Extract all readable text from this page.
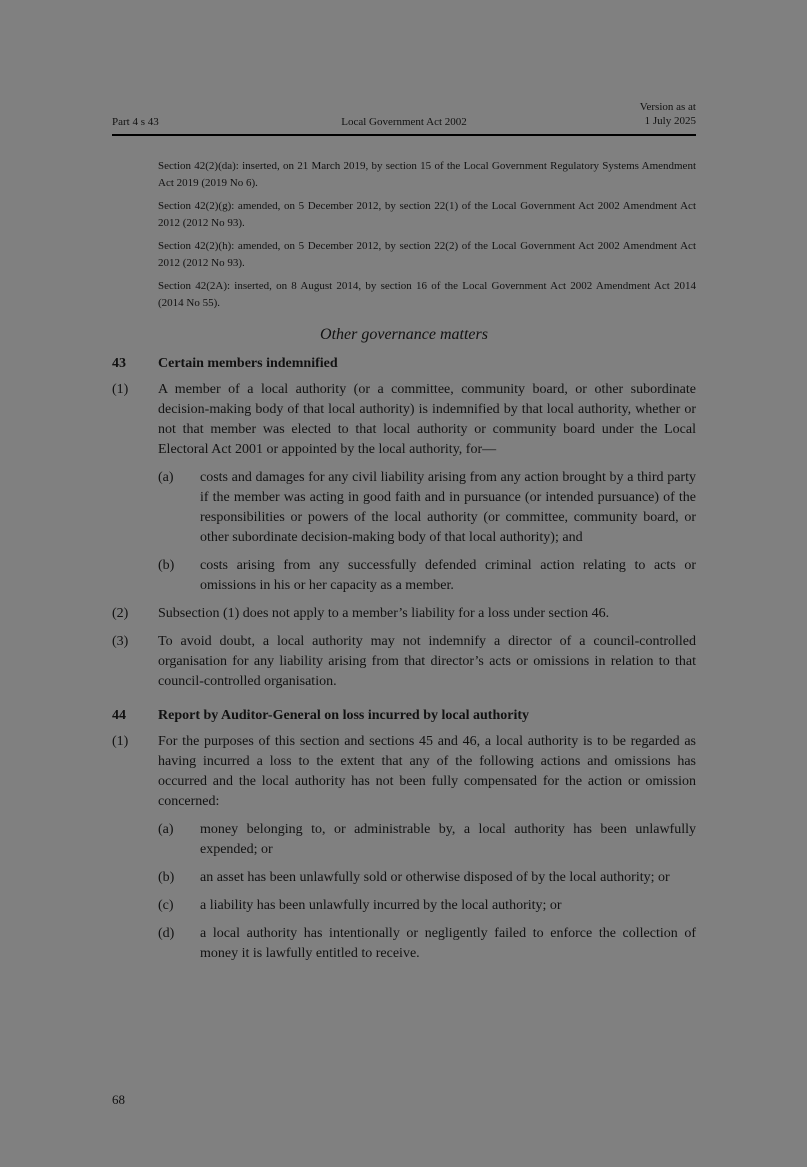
Part 4 s 43	Local Government Act 2002
Version as at
1 July 2025

Section 42(2)(da): inserted, on 21 March 2019, by section 15 of the Local Government Regulatory Systems Amendment Act 2019 (2019 No 6).

Section 42(2)(g): amended, on 5 December 2012, by section 22(1) of the Local Government Act 2002 Amendment Act 2012 (2012 No 93).

Section 42(2)(h): amended, on 5 December 2012, by section 22(2) of the Local Government Act 2002 Amendment Act 2012 (2012 No 93).

Section 42(2A): inserted, on 8 August 2014, by section 16 of the Local Government Act 2002 Amendment Act 2014 (2014 No 55).

Other governance matters
43	Certain members indemnified
(1)	A member of a local authority (or a committee, community board, or other subordinate decision-making body of that local authority) is indemnified by that local authority, whether or not that member was elected to that local authority or community board under the Local Electoral Act 2001 or appointed by the local authority, for—
(a)	costs and damages for any civil liability arising from any action brought by a third party if the member was acting in good faith and in pursuance (or intended pursuance) of the responsibilities or powers of the local authority (or committee, community board, or other subordinate decision-making body of that local authority); and
(b)	costs arising from any successfully defended criminal action relating to acts or omissions in his or her capacity as a member.
(2)	Subsection (1) does not apply to a member’s liability for a loss under section 46.
(3)	To avoid doubt, a local authority may not indemnify a director of a council-controlled organisation for any liability arising from that director’s acts or omissions in relation to that council-controlled organisation.
44	Report by Auditor-General on loss incurred by local authority
(1)	For the purposes of this section and sections 45 and 46, a local authority is to be regarded as having incurred a loss to the extent that any of the following actions and omissions has occurred and the local authority has not been fully compensated for the action or omission concerned:
(a)	money belonging to, or administrable by, a local authority has been unlawfully expended; or
(b)	an asset has been unlawfully sold or otherwise disposed of by the local authority; or
(c)	a liability has been unlawfully incurred by the local authority; or
(d)	a local authority has intentionally or negligently failed to enforce the collection of money it is lawfully entitled to receive.
68
